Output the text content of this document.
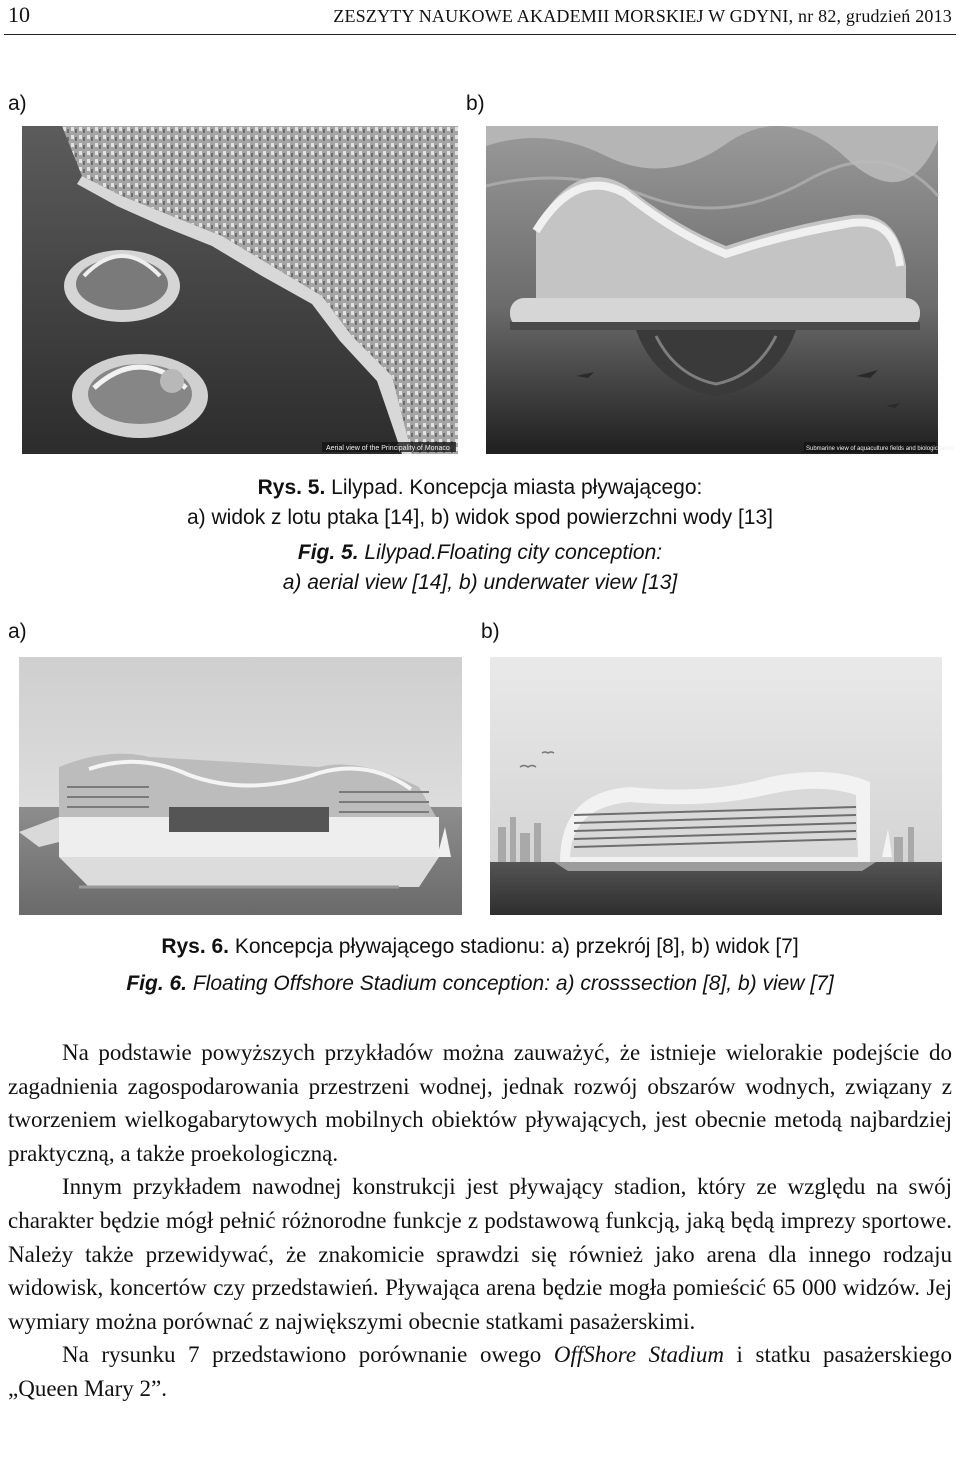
10	ZESZYTY NAUKOWE AKADEMII MORSKIEJ W GDYNI, nr 82, grudzień 2013
a)	b)
Aerial view of the Principality of Monaco	Submarine view of aquaculture fields and biologic farms
Rys. 5. Lilypad. Koncepcja miasta pływającego:
a) widok z lotu ptaka [14], b) widok spod powierzchni wody [13]
Fig. 5. Lilypad.Floating city conception:
a) aerial view [14], b) underwater view [13]
a)	b)
Rys. 6. Koncepcja pływającego stadionu: a) przekrój [8], b) widok [7]
Fig. 6. Floating Offshore Stadium conception: a) crosssection [8], b) view [7]

Na podstawie powyższych przykładów można zauważyć, że istnieje wielorakie podejście do zagadnienia zagospodarowania przestrzeni wodnej, jednak rozwój obszarów wodnych, związany z tworzeniem wielkogabarytowych mobilnych obiektów pływających, jest obecnie metodą najbardziej praktyczną, a także proekologiczną.

Innym przykładem nawodnej konstrukcji jest pływający stadion, który ze względu na swój charakter będzie mógł pełnić różnorodne funkcje z podstawową funkcją, jaką będą imprezy sportowe. Należy także przewidywać, że znakomicie sprawdzi się również jako arena dla innego rodzaju widowisk, koncertów czy przedstawień. Pływająca arena będzie mogła pomieścić 65 000 widzów. Jej wymiary można porównać z największymi obecnie statkami pasażerskimi.

Na rysunku 7 przedstawiono porównanie owego OffShore Stadium i statku pasażerskiego „Queen Mary 2”.
